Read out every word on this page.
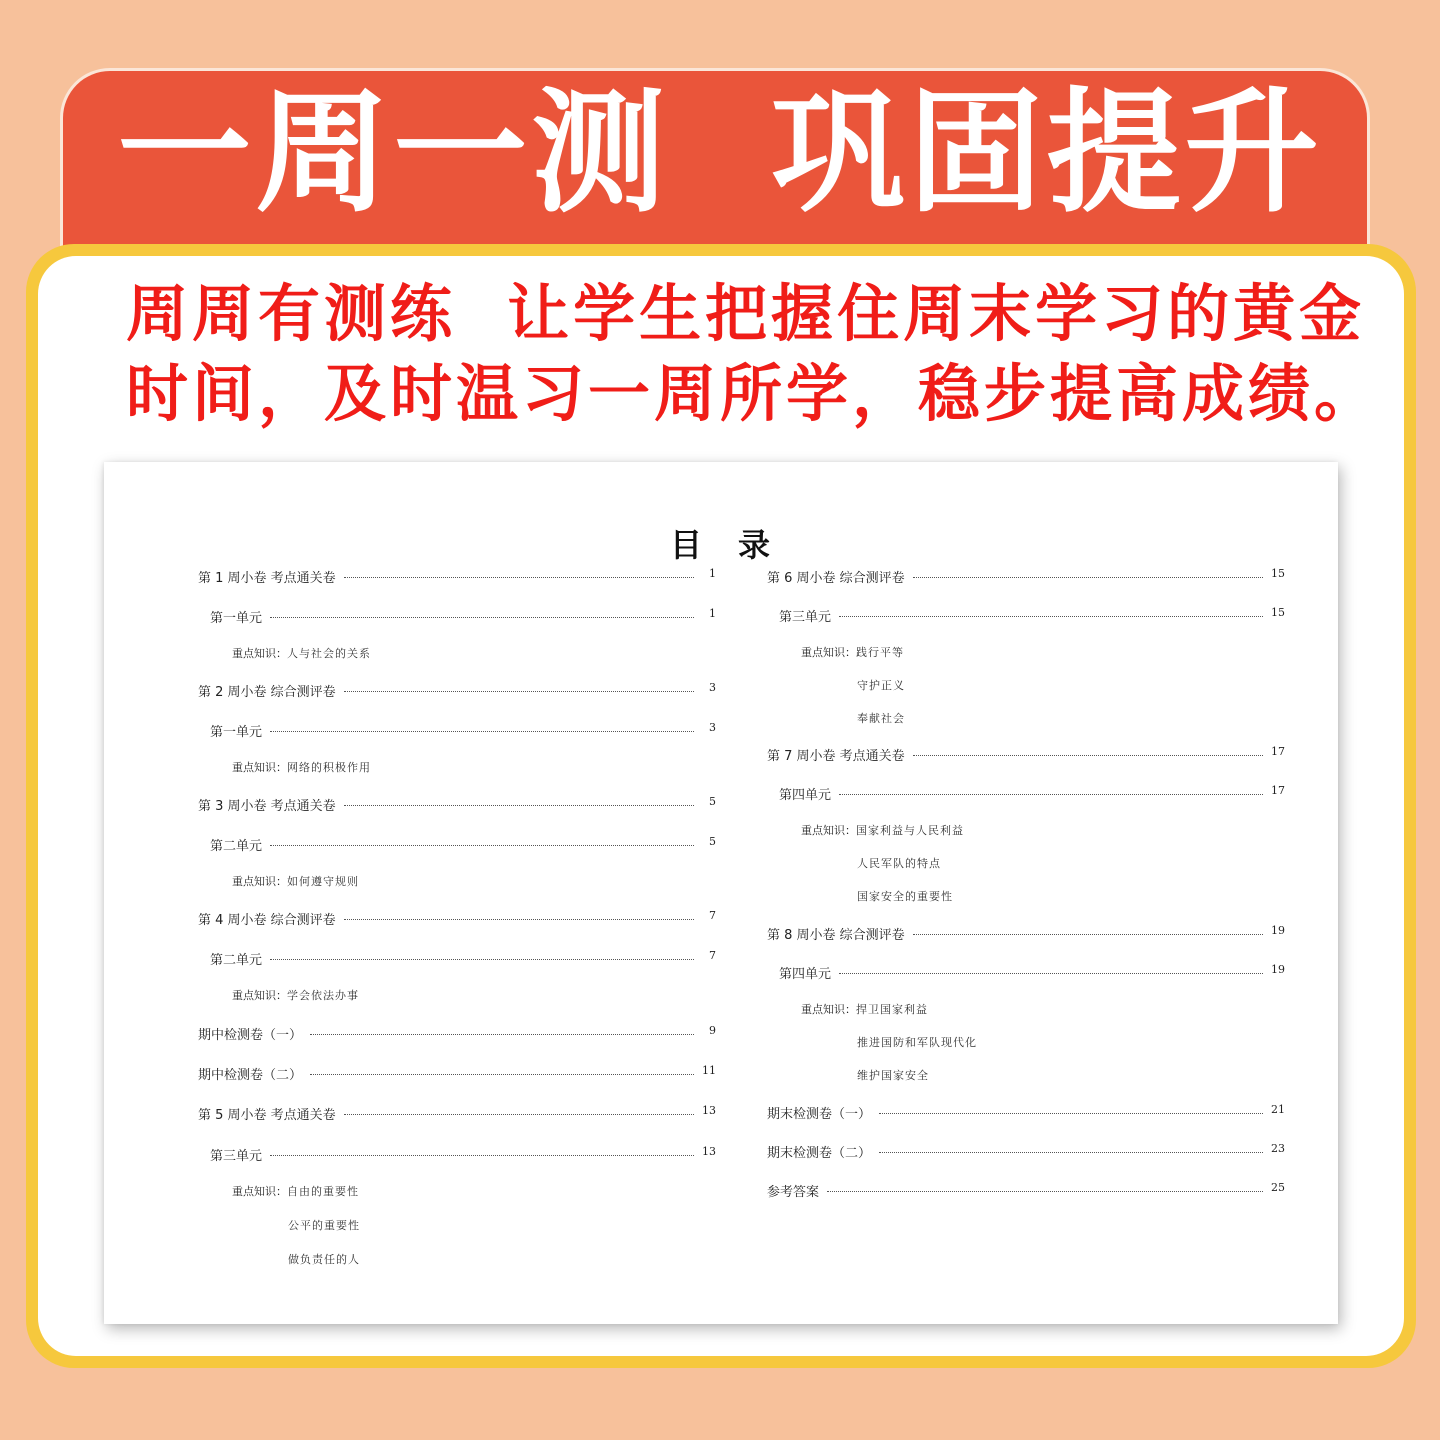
一周一测  巩固提升
周周有测练  让学生把握住周末学习的黄金
时间，及时温习一周所学，稳步提高成绩。
目录
第 1 周小卷 考点通关卷	1
第一单元	1
重点知识：人与社会的关系
第 2 周小卷 综合测评卷	3
第一单元	3
重点知识：网络的积极作用
第 3 周小卷 考点通关卷	5
第二单元	5
重点知识：如何遵守规则
第 4 周小卷 综合测评卷	7
第二单元	7
重点知识：学会依法办事
期中检测卷（一）	9
期中检测卷（二）	11
第 5 周小卷 考点通关卷	13
第三单元	13
重点知识：自由的重要性
公平的重要性
做负责任的人
第 6 周小卷 综合测评卷	15
第三单元	15
重点知识：践行平等
守护正义
奉献社会
第 7 周小卷 考点通关卷	17
第四单元	17
重点知识：国家利益与人民利益
人民军队的特点
国家安全的重要性
第 8 周小卷 综合测评卷	19
第四单元	19
重点知识：捍卫国家利益
推进国防和军队现代化
维护国家安全
期末检测卷（一）	21
期末检测卷（二）	23
参考答案	25
